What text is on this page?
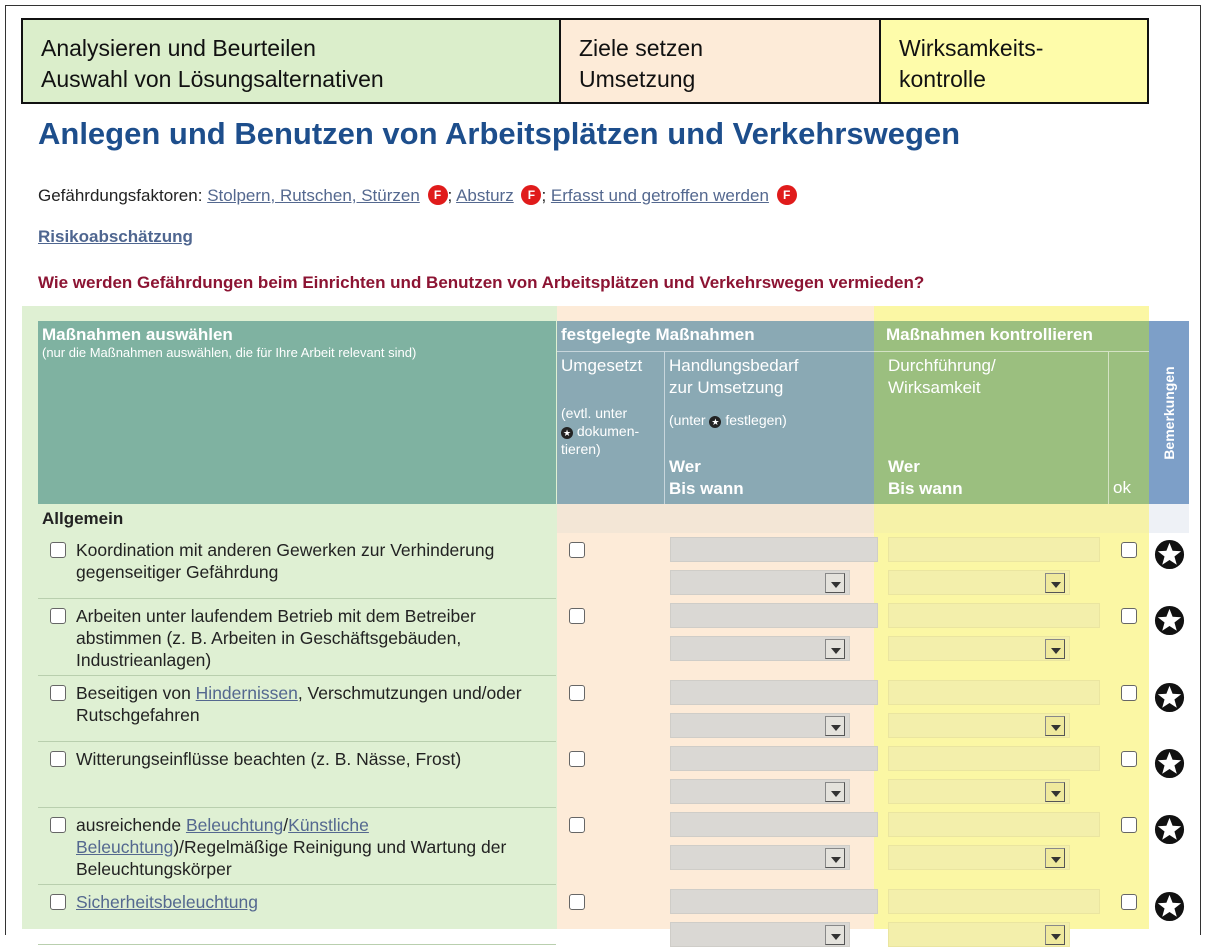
Analysieren und Beurteilen
Auswahl von Lösungsalternativen
Ziele setzen
Umsetzung
Wirksamkeits-
kontrolle
Anlegen und Benutzen von Arbeitsplätzen und Verkehrswegen
Gefährdungsfaktoren: Stolpern, Rutschen, Stürzen F ; Absturz F ; Erfasst und getroffen werden F
Risikoabschätzung
Wie werden Gefährdungen beim Einrichten und Benutzen von Arbeitsplätzen und Verkehrswegen vermieden?
Maßnahmen auswählen
(nur die Maßnahmen auswählen, die für Ihre Arbeit relevant sind)
festgelegte Maßnahmen
Umgesetzt
(evtl. unter
★ dokumen-
tieren)
Handlungsbedarf
zur Umsetzung
(unter ★ festlegen)
Wer
Bis wann
Maßnahmen kontrollieren
Durchführung/
Wirksamkeit
Wer
Bis wann	ok
Bemerkungen
Allgemein
Koordination mit anderen Gewerken zur Verhinderung gegenseitiger Gefährdung
Arbeiten unter laufendem Betrieb mit dem Betreiber abstimmen (z. B. Arbeiten in Geschäftsgebäuden, Industrieanlagen)
Beseitigen von Hindernissen, Verschmutzungen und/oder Rutschgefahren
Witterungseinflüsse beachten (z. B. Nässe, Frost)
ausreichende Beleuchtung/Künstliche Beleuchtung)/Regelmäßige Reinigung und Wartung der Beleuchtungskörper
Sicherheitsbeleuchtung
